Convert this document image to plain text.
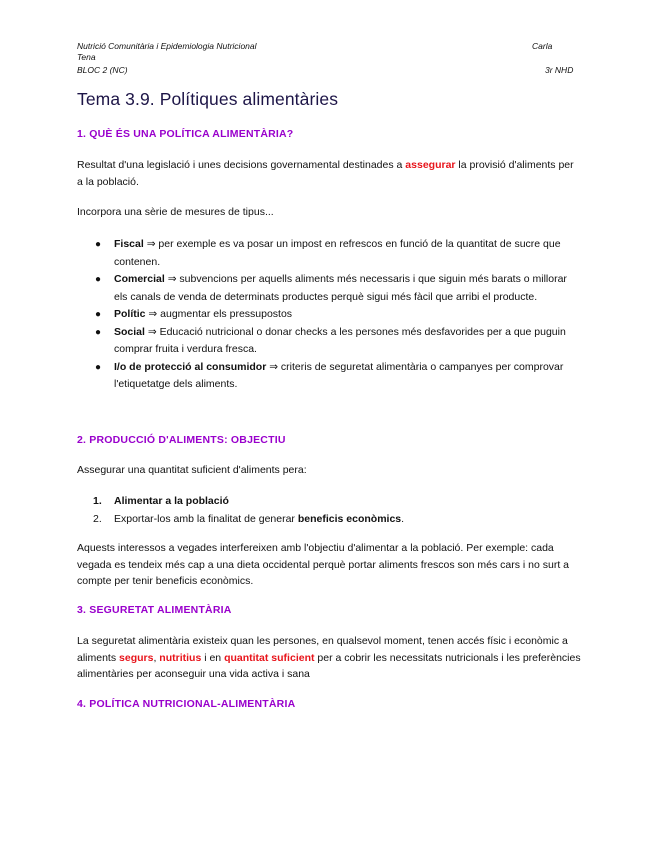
Nutrició Comunitària i Epidemiologia Nutricional
Tena
Carla
BLOC 2 (NC)	3r NHD
Tema 3.9. Polítiques alimentàries
1. QUÈ ÉS UNA POLÍTICA ALIMENTÀRIA?

Resultat d'una legislació i unes decisions governamental destinades a assegurar la provisió d'aliments per a la població.

Incorpora una sèrie de mesures de tipus...

●	Fiscal ⇒ per exemple es va posar un impost en refrescos en funció de la quantitat de sucre que contenen.
●	Comercial ⇒ subvencions per aquells aliments més necessaris i que siguin més barats o millorar els canals de venda de determinats productes perquè sigui més fàcil que arribi el producte.
●	Polític ⇒ augmentar els pressupostos
●	Social ⇒ Educació nutricional o donar checks a les persones més desfavorides per a que puguin comprar fruita i verdura fresca.
●	I/o de protecció al consumidor ⇒ criteris de seguretat alimentària o campanyes per comprovar l'etiquetatge dels aliments.
2. PRODUCCIÓ D'ALIMENTS: OBJECTIU

Assegurar una quantitat suficient d'aliments pera:

1.	Alimentar a la població
2.	Exportar-los amb la finalitat de generar beneficis econòmics.

Aquests interessos a vegades interfereixen amb l'objectiu d'alimentar a la població. Per exemple: cada vegada es tendeix més cap a una dieta occidental perquè portar aliments frescos son més cars i no surt a compte per tenir beneficis econòmics.

3. SEGURETAT ALIMENTÀRIA

La seguretat alimentària existeix quan les persones, en qualsevol moment, tenen accés físic i econòmic a aliments segurs, nutritius i en quantitat suficient per a cobrir les necessitats nutricionals i les preferències alimentàries per aconseguir una vida activa i sana

4. POLÍTICA NUTRICIONAL-ALIMENTÀRIA
